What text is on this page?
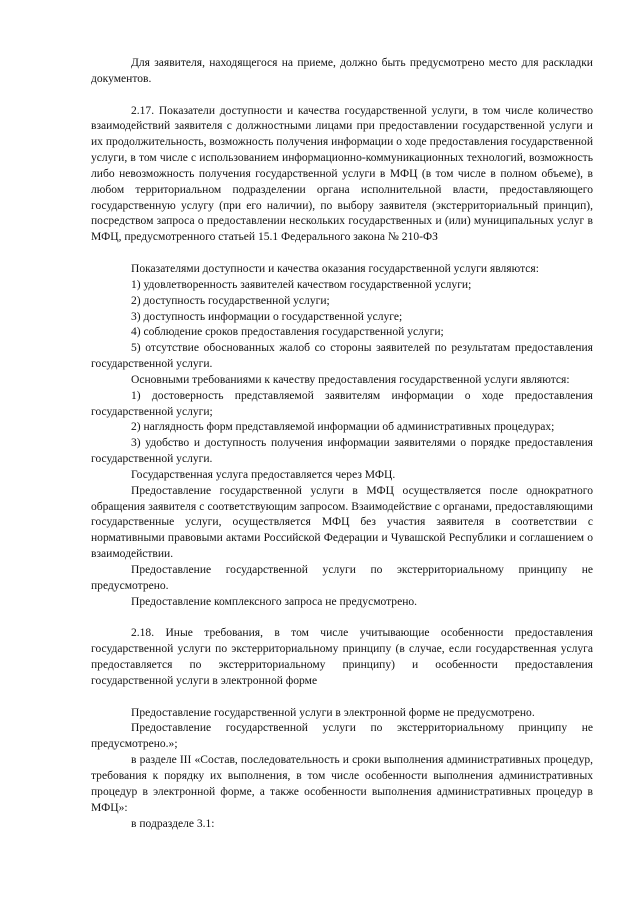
Для заявителя, находящегося на приеме, должно быть предусмотрено место для раскладки документов.

2.17. Показатели доступности и качества государственной услуги, в том числе количество взаимодействий заявителя с должностными лицами при предоставлении государственной услуги и их продолжительность, возможность получения информации о ходе предоставления государственной услуги, в том числе с использованием информационно-коммуникационных технологий, возможность либо невозможность получения государственной услуги в МФЦ (в том числе в полном объеме), в любом территориальном подразделении органа исполнительной власти, предоставляющего государственную услугу (при его наличии), по выбору заявителя (экстерриториальный принцип), посредством запроса о предоставлении нескольких государственных и (или) муниципальных услуг в МФЦ, предусмотренного статьей 15.1 Федерального закона № 210-ФЗ

Показателями доступности и качества оказания государственной услуги являются:

1) удовлетворенность заявителей качеством государственной услуги;

2) доступность государственной услуги;

3) доступность информации о государственной услуге;

4) соблюдение сроков предоставления государственной услуги;

5) отсутствие обоснованных жалоб со стороны заявителей по результатам предоставления государственной услуги.

Основными требованиями к качеству предоставления государственной услуги являются:

1) достоверность представляемой заявителям информации о ходе предоставления государственной услуги;

2) наглядность форм представляемой информации об административных процедурах;

3) удобство и доступность получения информации заявителями о порядке предоставления государственной услуги.

Государственная услуга предоставляется через МФЦ.

Предоставление государственной услуги в МФЦ осуществляется после однократного обращения заявителя с соответствующим запросом. Взаимодействие с органами, предоставляющими государственные услуги, осуществляется МФЦ без участия заявителя в соответствии с нормативными правовыми актами Российской Федерации и Чувашской Республики и соглашением о взаимодействии.

Предоставление государственной услуги по экстерриториальному принципу не предусмотрено.

Предоставление комплексного запроса не предусмотрено.

2.18. Иные требования, в том числе учитывающие особенности предоставления государственной услуги по экстерриториальному принципу (в случае, если государственная услуга предоставляется по экстерриториальному принципу) и особенности предоставления государственной услуги в электронной форме

Предоставление государственной услуги в электронной форме не предусмотрено.

Предоставление государственной услуги по экстерриториальному принципу не предусмотрено.»;

в разделе III «Состав, последовательность и сроки выполнения административных процедур, требования к порядку их выполнения, в том числе особенности выполнения административных процедур в электронной форме, а также особенности выполнения административных процедур в МФЦ»:

в подразделе 3.1:
